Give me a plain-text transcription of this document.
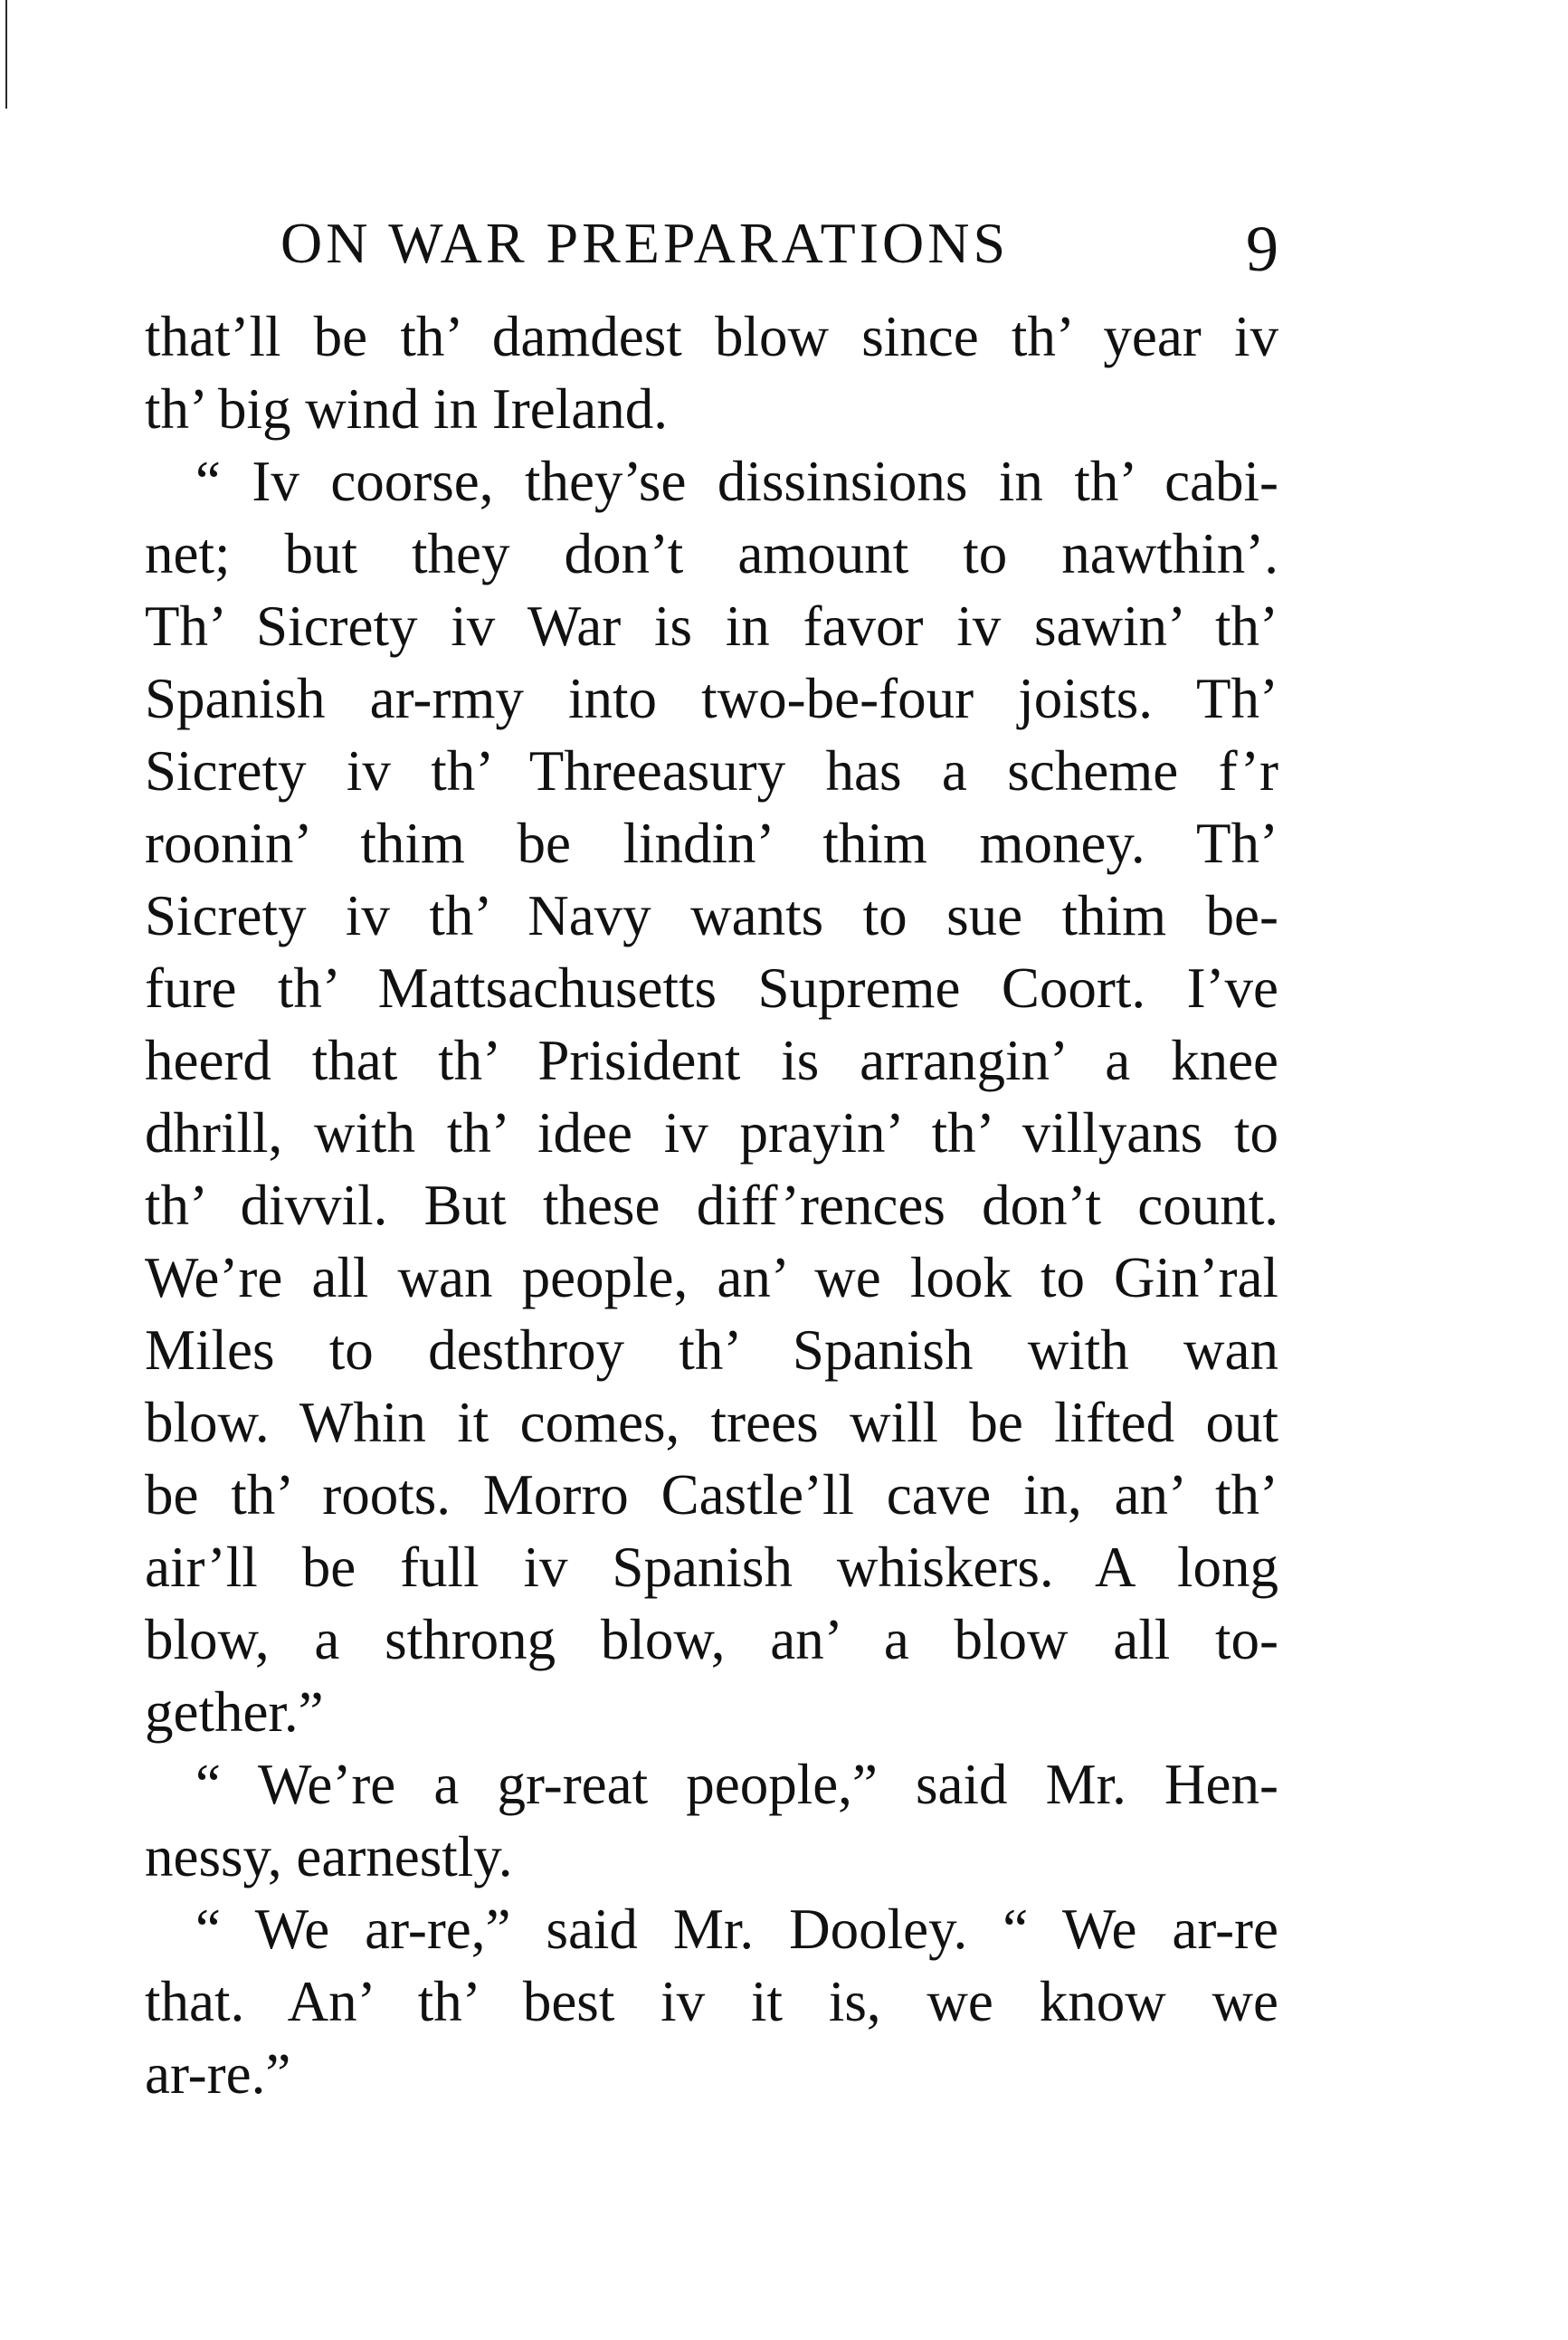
ON WAR PREPARATIONS	9
that’ll be th’ damdest blow since th’ year iv
th’ big wind in Ireland.
“ Iv coorse, they’se dissinsions in th’ cabi-
net; but they don’t amount to nawthin’.
Th’ Sicrety iv War is in favor iv sawin’ th’
Spanish ar-rmy into two-be-four joists. Th’
Sicrety iv th’ Threeasury has a scheme f’r
roonin’ thim be lindin’ thim money. Th’
Sicrety iv th’ Navy wants to sue thim be-
fure th’ Mattsachusetts Supreme Coort. I’ve
heerd that th’ Prisident is arrangin’ a knee
dhrill, with th’ idee iv prayin’ th’ villyans to
th’ divvil. But these diff’rences don’t count.
We’re all wan people, an’ we look to Gin’ral
Miles to desthroy th’ Spanish with wan
blow. Whin it comes, trees will be lifted out
be th’ roots. Morro Castle’ll cave in, an’ th’
air’ll be full iv Spanish whiskers. A long
blow, a sthrong blow, an’ a blow all to-
gether.”
“ We’re a gr-reat people,” said Mr. Hen-
nessy, earnestly.
“ We ar-re,” said Mr. Dooley. “ We ar-re
that. An’ th’ best iv it is, we know we
ar-re.”
